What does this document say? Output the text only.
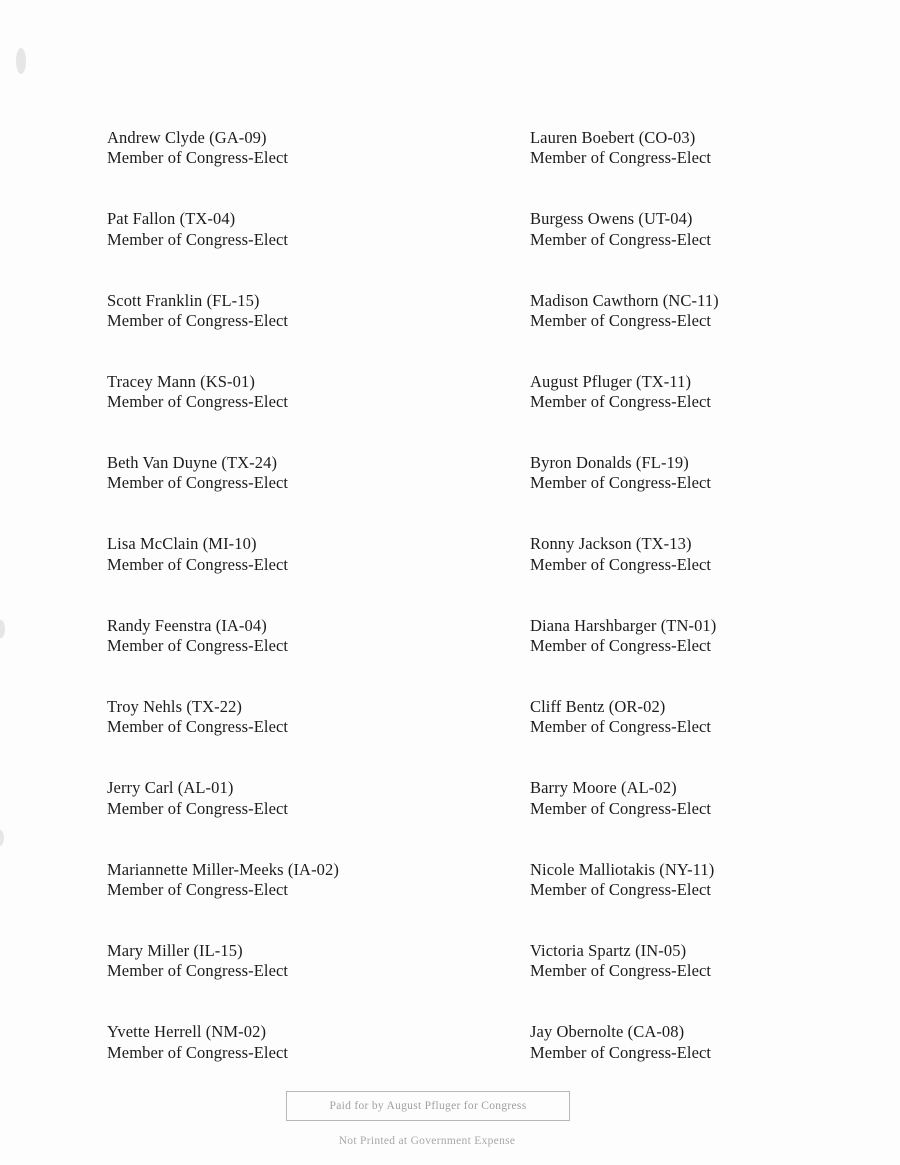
Andrew Clyde (GA-09)
Member of Congress-Elect
Lauren Boebert (CO-03)
Member of Congress-Elect
Pat Fallon (TX-04)
Member of Congress-Elect
Burgess Owens (UT-04)
Member of Congress-Elect
Scott Franklin (FL-15)
Member of Congress-Elect
Madison Cawthorn (NC-11)
Member of Congress-Elect
Tracey Mann (KS-01)
Member of Congress-Elect
August Pfluger (TX-11)
Member of Congress-Elect
Beth Van Duyne (TX-24)
Member of Congress-Elect
Byron Donalds (FL-19)
Member of Congress-Elect
Lisa McClain (MI-10)
Member of Congress-Elect
Ronny Jackson (TX-13)
Member of Congress-Elect
Randy Feenstra (IA-04)
Member of Congress-Elect
Diana Harshbarger (TN-01)
Member of Congress-Elect
Troy Nehls (TX-22)
Member of Congress-Elect
Cliff Bentz (OR-02)
Member of Congress-Elect
Jerry Carl (AL-01)
Member of Congress-Elect
Barry Moore (AL-02)
Member of Congress-Elect
Mariannette Miller-Meeks (IA-02)
Member of Congress-Elect
Nicole Malliotakis (NY-11)
Member of Congress-Elect
Mary Miller (IL-15)
Member of Congress-Elect
Victoria Spartz (IN-05)
Member of Congress-Elect
Yvette Herrell (NM-02)
Member of Congress-Elect
Jay Obernolte (CA-08)
Member of Congress-Elect
Paid for by August Pfluger for Congress
Not Printed at Government Expense
